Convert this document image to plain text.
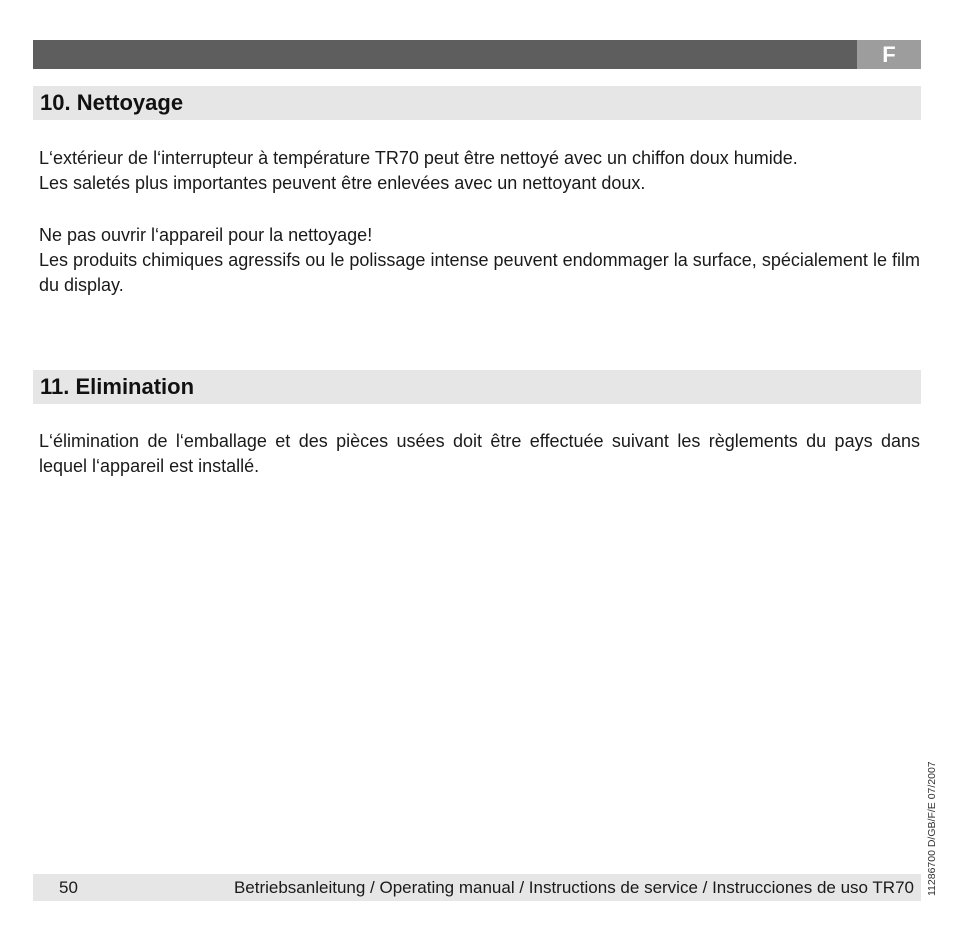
F
10. Nettoyage

L‘extérieur de l‘interrupteur à température TR70 peut être nettoyé avec un chiffon doux humide.
Les saletés plus importantes peuvent être enlevées avec un nettoyant doux.

Ne pas ouvrir l‘appareil pour la nettoyage!

Les produits chimiques agressifs ou le polissage intense peuvent endommager la surface, spécialement le film du display.

11. Elimination

L‘élimination de l‘emballage et des pièces usées doit être effectuée suivant les règlements du pays dans lequel l‘appareil est installé.

50	Betriebsanleitung / Operating manual / Instructions de service / Instrucciones de uso TR70 11286700 D/GB/F/E 07/2007
